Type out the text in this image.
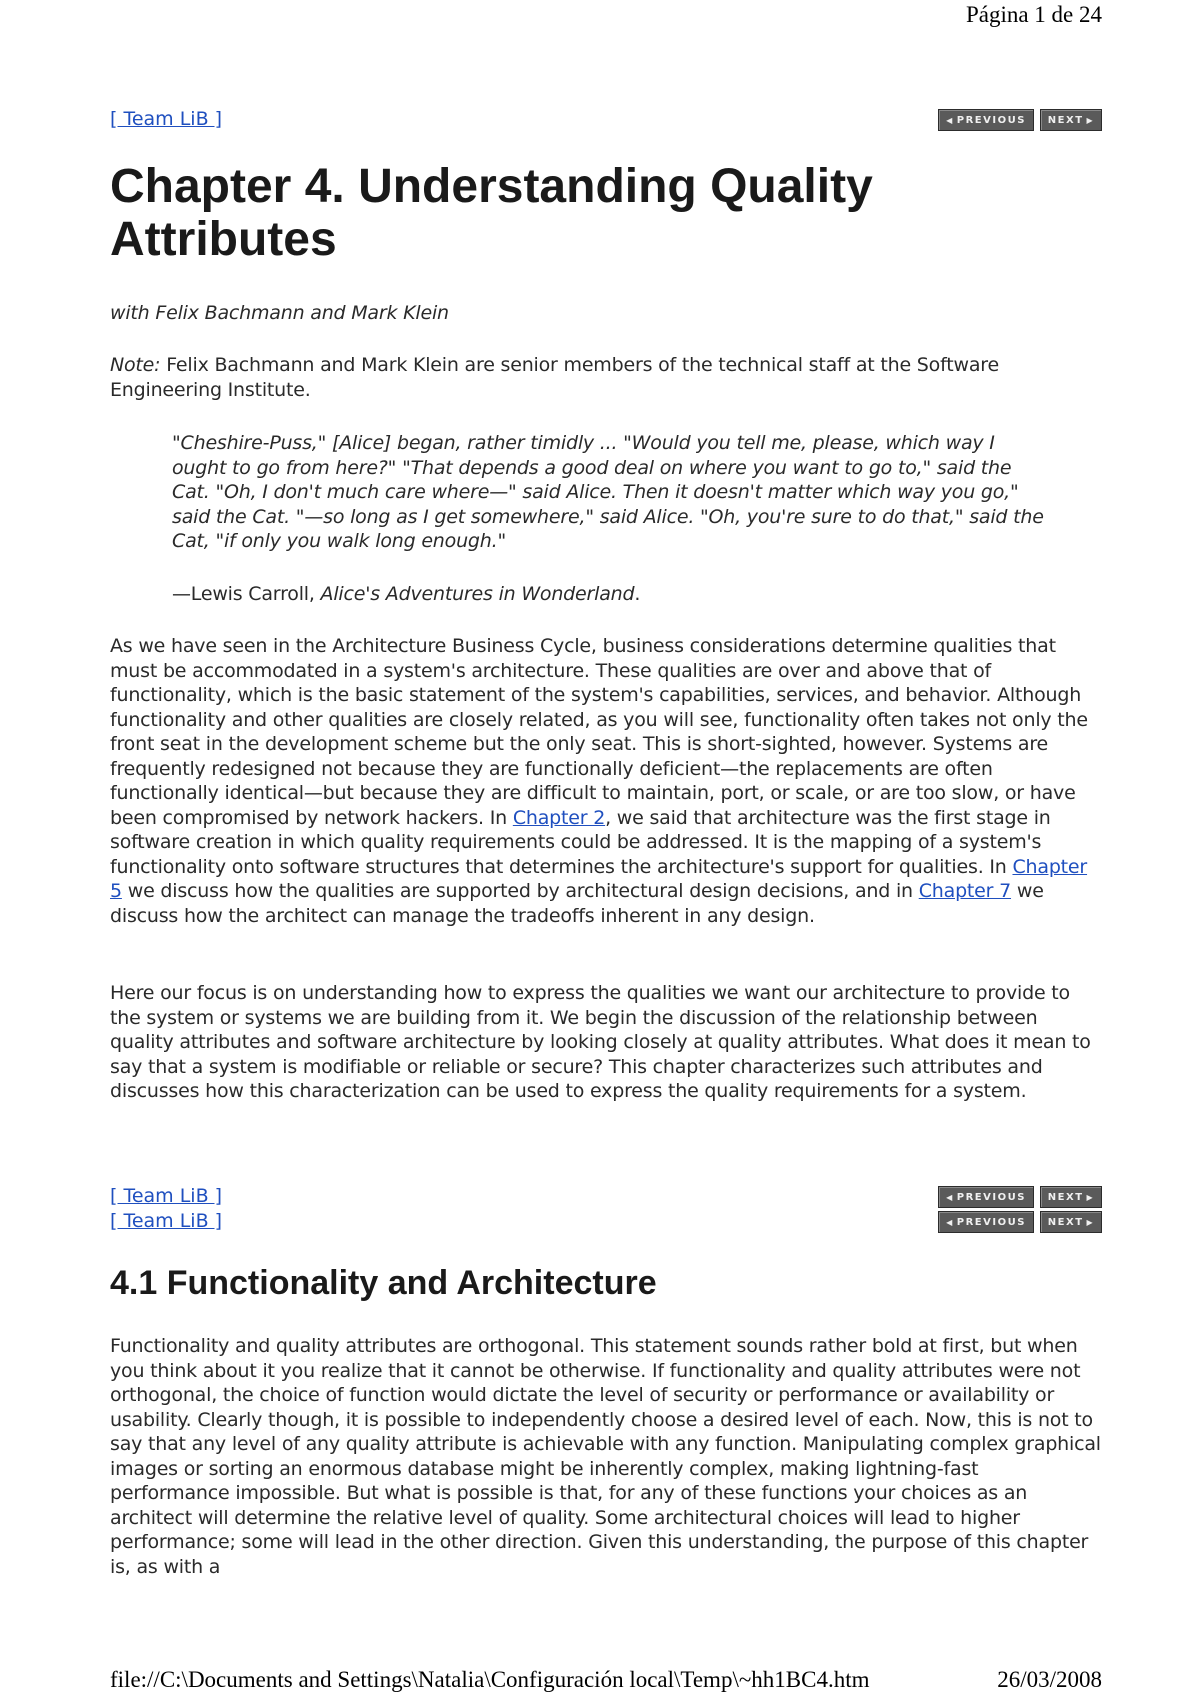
Página 1 de 24
[ Team LiB ]	◀ PREVIOUS NEXT ▶
Chapter 4. Understanding Quality Attributes

with Felix Bachmann and Mark Klein

Note: Felix Bachmann and Mark Klein are senior members of the technical staff at the Software Engineering Institute.

"Cheshire-Puss," [Alice] began, rather timidly ... "Would you tell me, please, which way I ought to go from here?" "That depends a good deal on where you want to go to," said the Cat. "Oh, I don't much care where—" said Alice. Then it doesn't matter which way you go," said the Cat. "—so long as I get somewhere," said Alice. "Oh, you're sure to do that," said the Cat, "if only you walk long enough."

—Lewis Carroll, Alice's Adventures in Wonderland.

As we have seen in the Architecture Business Cycle, business considerations determine qualities that must be accommodated in a system's architecture. These qualities are over and above that of functionality, which is the basic statement of the system's capabilities, services, and behavior. Although functionality and other qualities are closely related, as you will see, functionality often takes not only the front seat in the development scheme but the only seat. This is short-sighted, however. Systems are frequently redesigned not because they are functionally deficient—the replacements are often functionally identical—but because they are difficult to maintain, port, or scale, or are too slow, or have been compromised by network hackers. In Chapter 2, we said that architecture was the first stage in software creation in which quality requirements could be addressed. It is the mapping of a system's functionality onto software structures that determines the architecture's support for qualities. In Chapter 5 we discuss how the qualities are supported by architectural design decisions, and in Chapter 7 we discuss how the architect can manage the tradeoffs inherent in any design.

Here our focus is on understanding how to express the qualities we want our architecture to provide to the system or systems we are building from it. We begin the discussion of the relationship between quality attributes and software architecture by looking closely at quality attributes. What does it mean to say that a system is modifiable or reliable or secure? This chapter characterizes such attributes and discusses how this characterization can be used to express the quality requirements for a system.

[ Team LiB ]	◀ PREVIOUS NEXT ▶
[ Team LiB ]	◀ PREVIOUS NEXT ▶
4.1 Functionality and Architecture

Functionality and quality attributes are orthogonal. This statement sounds rather bold at first, but when you think about it you realize that it cannot be otherwise. If functionality and quality attributes were not orthogonal, the choice of function would dictate the level of security or performance or availability or usability. Clearly though, it is possible to independently choose a desired level of each. Now, this is not to say that any level of any quality attribute is achievable with any function. Manipulating complex graphical images or sorting an enormous database might be inherently complex, making lightning-fast performance impossible. But what is possible is that, for any of these functions your choices as an architect will determine the relative level of quality. Some architectural choices will lead to higher performance; some will lead in the other direction. Given this understanding, the purpose of this chapter is, as with a

file://C:\Documents and Settings\Natalia\Configuración local\Temp\~hh1BC4.htm	26/03/2008
